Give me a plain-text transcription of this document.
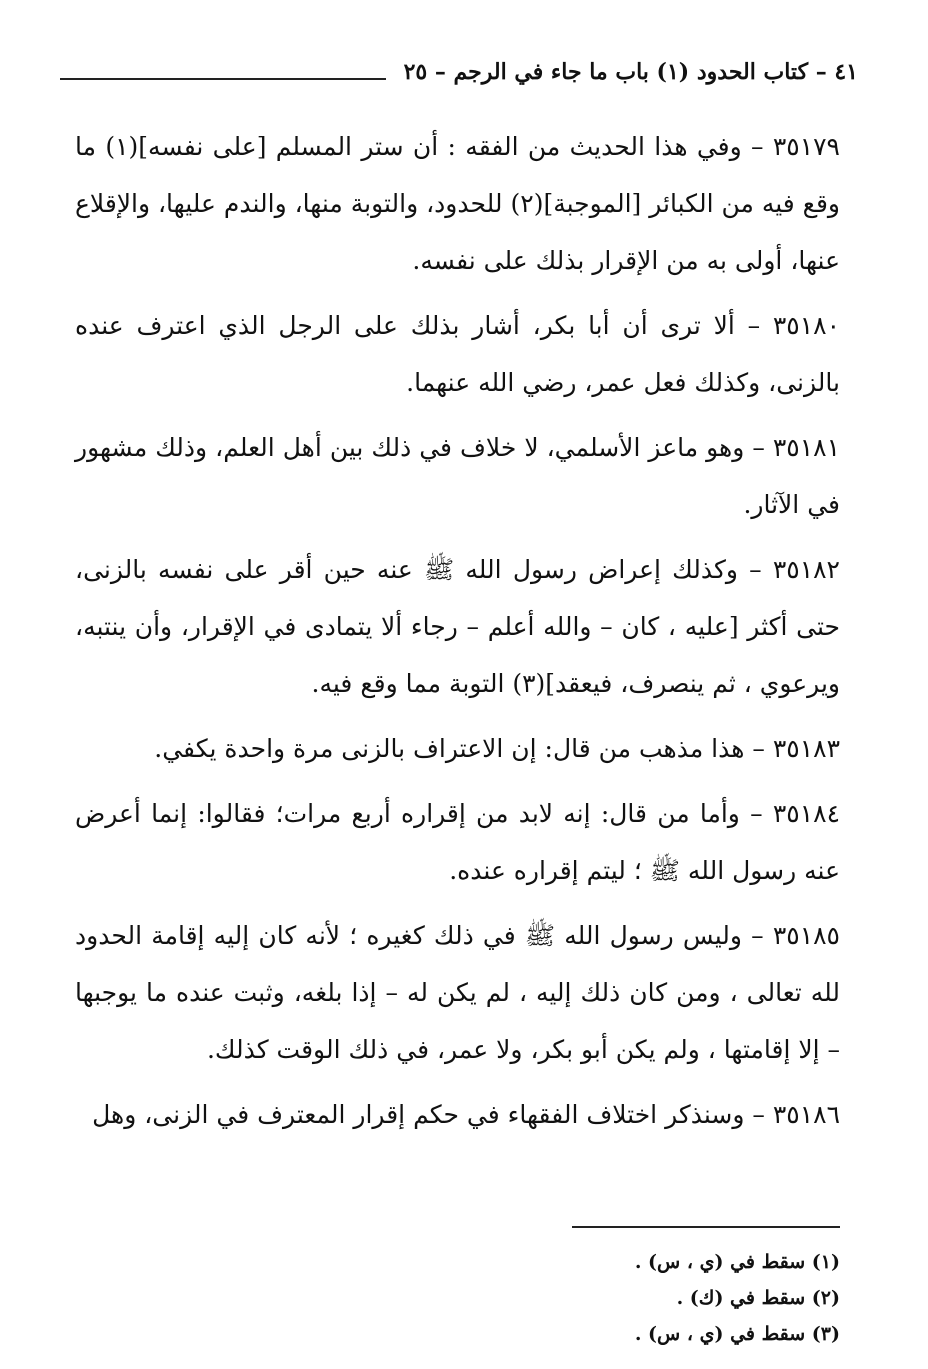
٤١ – كتاب الحدود (١) باب ما جاء في الرجم – ٢٥

٣٥١٧٩ – وفي هذا الحديث من الفقه : أن ستر المسلم [على نفسه](١) ما وقع فيه من الكبائر [الموجبة](٢) للحدود، والتوبة منها، والندم عليها، والإقلاع عنها، أولى به من الإقرار بذلك على نفسه.

٣٥١٨٠ – ألا ترى أن أبا بكر، أشار بذلك على الرجل الذي اعترف عنده بالزنى، وكذلك فعل عمر، رضي الله عنهما.

٣٥١٨١ – وهو ماعز الأسلمي، لا خلاف في ذلك بين أهل العلم، وذلك مشهور في الآثار.

٣٥١٨٢ – وكذلك إعراض رسول الله ﷺ عنه حين أقر على نفسه بالزنى، حتى أكثر [عليه ، كان – والله أعلم – رجاء ألا يتمادى في الإقرار، وأن ينتبه، ويرعوي ، ثم ينصرف، فيعقد](٣) التوبة مما وقع فيه.

٣٥١٨٣ – هذا مذهب من قال: إن الاعتراف بالزنى مرة واحدة يكفي.

٣٥١٨٤ – وأما من قال: إنه لابد من إقراره أربع مرات؛ فقالوا: إنما أعرض عنه رسول الله ﷺ ؛ ليتم إقراره عنده.

٣٥١٨٥ – وليس رسول الله ﷺ في ذلك كغيره ؛ لأنه كان إليه إقامة الحدود لله تعالى ، ومن كان ذلك إليه ، لم يكن له – إذا بلغه، وثبت عنده ما يوجبها – إلا إقامتها ، ولم يكن أبو بكر، ولا عمر، في ذلك الوقت كذلك.

٣٥١٨٦ – وسنذكر اختلاف الفقهاء في حكم إقرار المعترف في الزنى، وهل

(١) سقط في (ي ، س) .

(٢) سقط في (ك) .

(٣) سقط في (ي ، س) .
